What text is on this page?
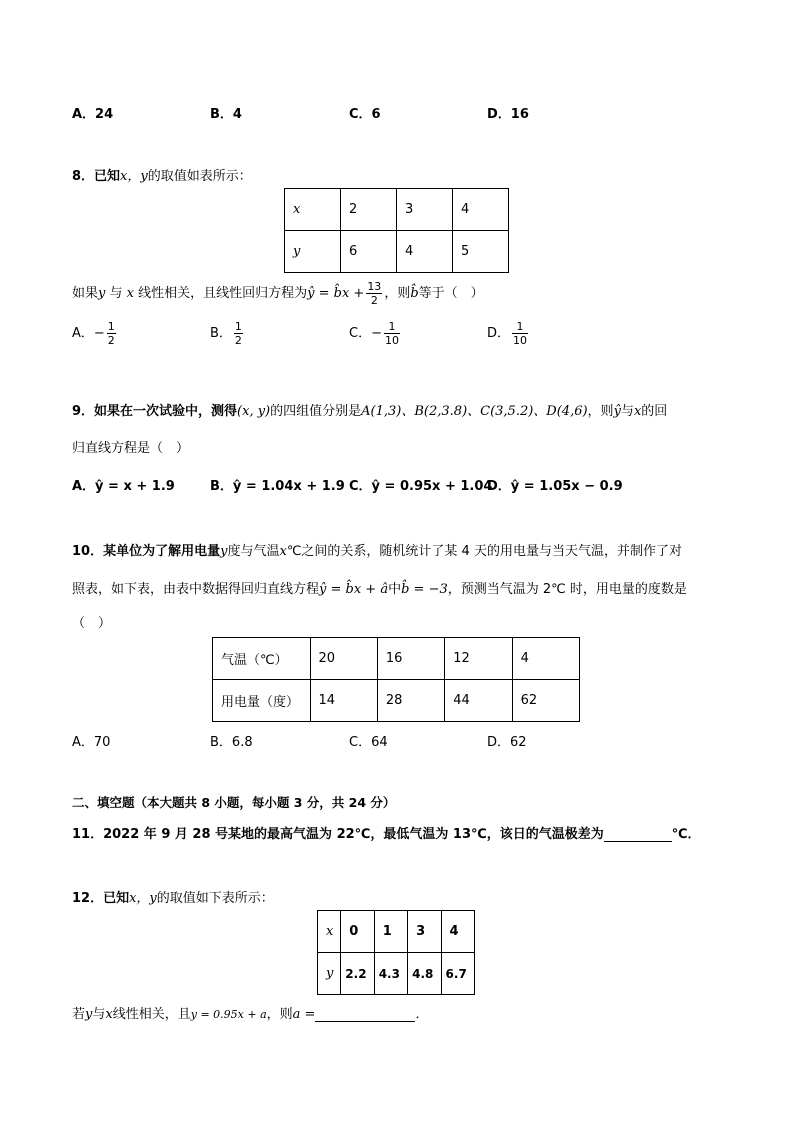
A．24	B．4	C．6	D．16
8．已知x，y的取值如表所示：
x	2	3	4
y	6	4	5
如果y 与 x 线性相关，且线性回归方程为ŷ = b̂x + $\frac{13}{2}$ ，则b̂等于（　）
A．− $\frac{1}{2}$	B． $\frac{1}{2}$	C．− $\frac{1}{10}$	D． $\frac{1}{10}$
9．如果在一次试验中，测得(x, y)的四组值分别是A(1,3)、B(2,3.8)、C(3,5.2)、D(4,6)，则ŷ与x的回
归直线方程是（　）
A．ŷ = x + 1.9	B．ŷ = 1.04x + 1.9 C．ŷ = 0.95x + 1.04
D．ŷ = 1.05x − 0.9
10．某单位为了解用电量y度与气温x℃之间的关系，随机统计了某 4 天的用电量与当天气温，并制作了对
照表，如下表，由表中数据得回归直线方程ŷ = b̂x + â中b̂ = −3，预测当气温为 2℃ 时，用电量的度数是
（　）
气温（℃）	20	16	12	4
用电量（度）	14	28	44	62
A．70	B．6.8	C．64	D．62
二、填空题（本大题共 8 小题，每小题 3 分，共 24 分）
11．2022 年 9 月 28 号某地的最高气温为 22℃，最低气温为 13℃，该日的气温极差为	℃．
12．已知x，y的取值如下表所示：
x	0	1	3	4
y	2.2	4.3	4.8	6.7
若y与x线性相关，且y = 0.95x + a，则a =	．
